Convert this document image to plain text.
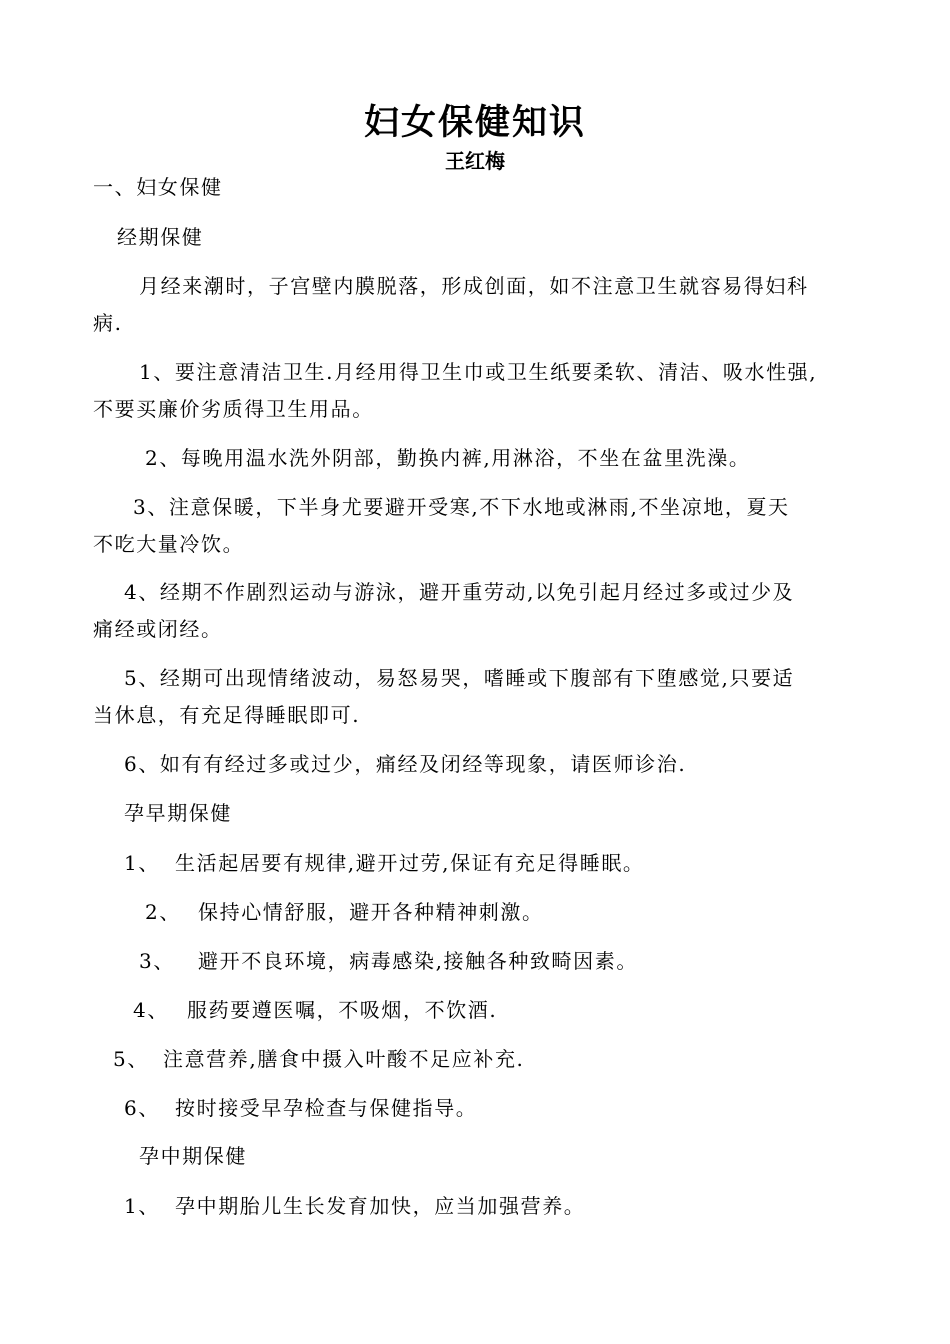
妇女保健知识
王红梅
一、妇女保健
经期保健
月经来潮时，子宫壁内膜脱落，形成创面，如不注意卫生就容易得妇科
病.
1、要注意清洁卫生.月经用得卫生巾或卫生纸要柔软、清洁、吸水性强,
不要买廉价劣质得卫生用品。
2、每晚用温水洗外阴部，勤换内裤,用淋浴，不坐在盆里洗澡。
3、注意保暖，下半身尤要避开受寒,不下水地或淋雨,不坐凉地，夏天
不吃大量冷饮。
4、经期不作剧烈运动与游泳，避开重劳动,以免引起月经过多或过少及
痛经或闭经。
5、经期可出现情绪波动，易怒易哭，嗜睡或下腹部有下堕感觉,只要适
当休息，有充足得睡眠即可.
6、如有有经过多或过少，痛经及闭经等现象，请医师诊治.
孕早期保健
1、 生活起居要有规律,避开过劳,保证有充足得睡眠。
2、 保持心情舒服，避开各种精神刺激。
3、 避开不良环境，病毒感染,接触各种致畸因素。
4、 服药要遵医嘱，不吸烟，不饮酒.
5、 注意营养,膳食中摄入叶酸不足应补充.
6、 按时接受早孕检查与保健指导。
孕中期保健
1、 孕中期胎儿生长发育加快，应当加强营养。
